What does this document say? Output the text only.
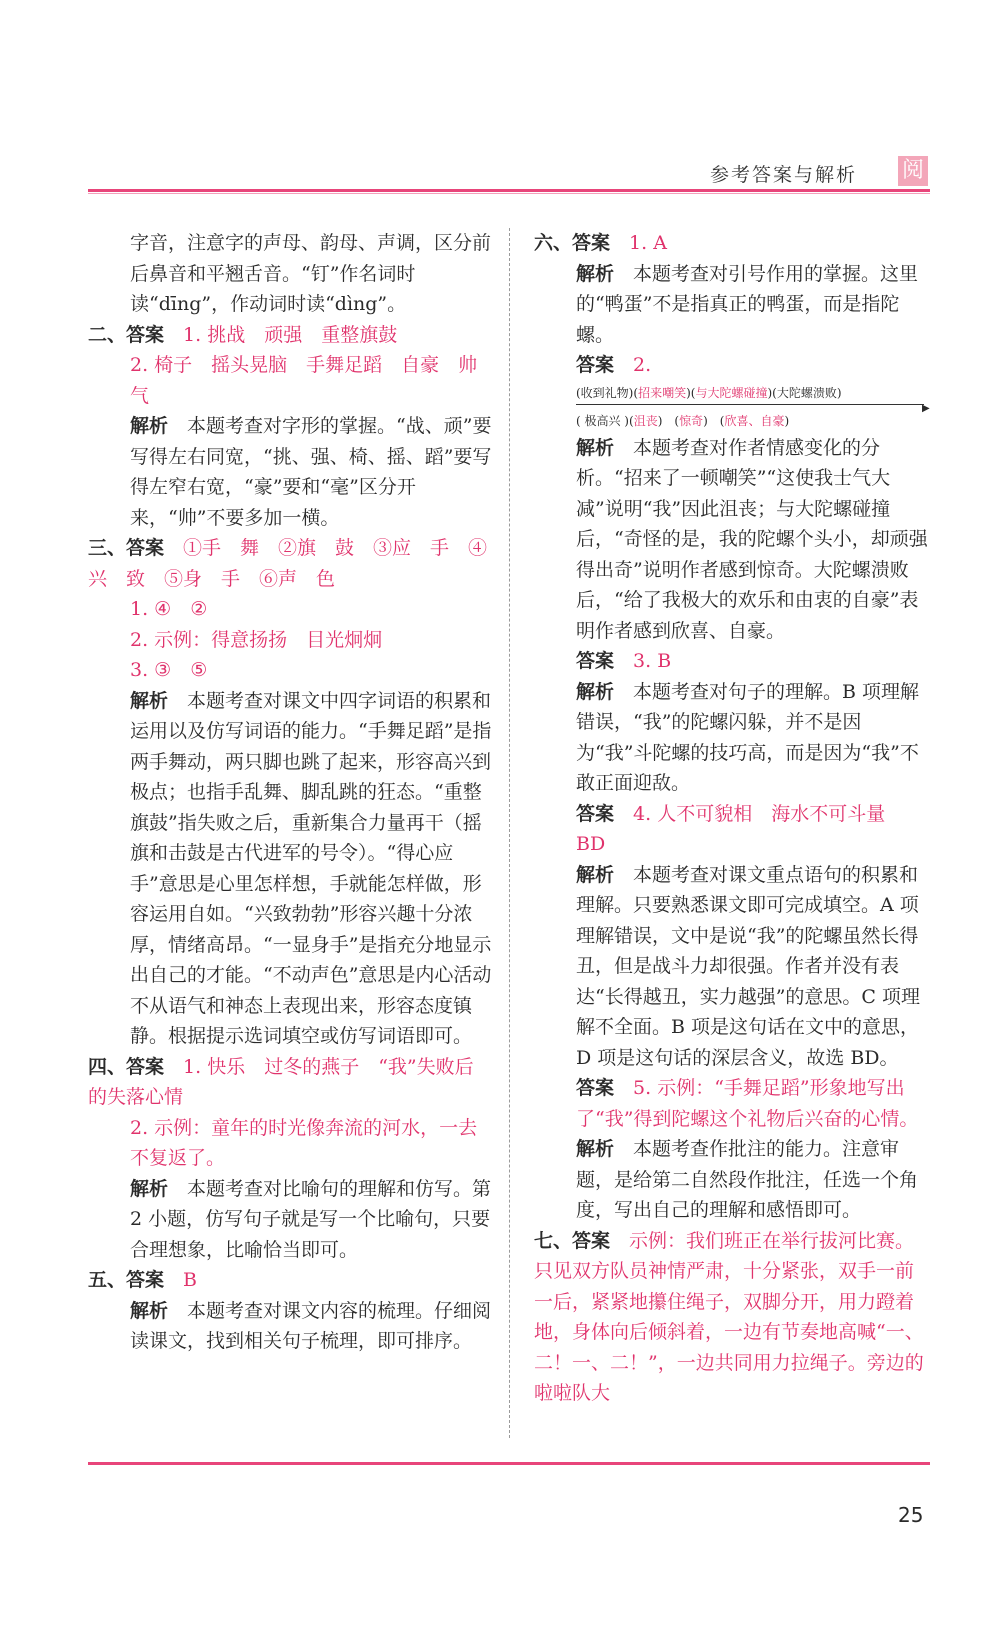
参考答案与解析 阅

字音，注意字的声母、韵母、声调，区分前后鼻音和平翘舌音。“钉”作名词时读“dīng”，作动词时读“dìng”。

二、答案　 1. 挑战　顽强　重整旗鼓

2. 椅子　摇头晃脑　手舞足蹈　自豪　帅气

解析　 本题考查对字形的掌握。“战、顽”要写得左右同宽，“挑、强、椅、摇、蹈”要写得左窄右宽，“豪”要和“毫”区分开来，“帅”不要多加一横。

三、答案　 ①手　舞　②旗　鼓　③应　手　④兴　致　⑤身　手　⑥声　色

1. ④　②

2. 示例：得意扬扬　目光炯炯

3. ③　⑤

解析　 本题考查对课文中四字词语的积累和运用以及仿写词语的能力。“手舞足蹈”是指两手舞动，两只脚也跳了起来，形容高兴到极点；也指手乱舞、脚乱跳的狂态。“重整旗鼓”指失败之后，重新集合力量再干（摇旗和击鼓是古代进军的号令）。“得心应手”意思是心里怎样想，手就能怎样做，形容运用自如。“兴致勃勃”形容兴趣十分浓厚，情绪高昂。“一显身手”是指充分地显示出自己的才能。“不动声色”意思是内心活动不从语气和神态上表现出来，形容态度镇静。根据提示选词填空或仿写词语即可。

四、答案　 1. 快乐　过冬的燕子　“我”失败后的失落心情

2. 示例：童年的时光像奔流的河水，一去不复返了。

解析　 本题考查对比喻句的理解和仿写。第 2 小题，仿写句子就是写一个比喻句，只要合理想象，比喻恰当即可。

五、答案　 B

解析　 本题考查对课文内容的梳理。仔细阅读课文，找到相关句子梳理，即可排序。

六、答案　 1. A

解析　 本题考查对引号作用的掌握。这里的“鸭蛋”不是指真正的鸭蛋，而是指陀螺。

答案　 2.

(收到礼物)(招来嘲笑)(与大陀螺碰撞)(大陀螺溃败)
▶
( 极高兴 )(沮丧)　(惊奇)　(欣喜、自豪)

解析　 本题考查对作者情感变化的分析。“招来了一顿嘲笑”“这使我士气大减”说明“我”因此沮丧；与大陀螺碰撞后，“奇怪的是，我的陀螺个头小，却顽强得出奇”说明作者感到惊奇。大陀螺溃败后，“给了我极大的欢乐和由衷的自豪”表明作者感到欣喜、自豪。

答案　 3. B

解析　 本题考查对句子的理解。B 项理解错误，“我”的陀螺闪躲，并不是因为“我”斗陀螺的技巧高，而是因为“我”不敢正面迎敌。

答案　 4. 人不可貌相　海水不可斗量　BD

解析　 本题考查对课文重点语句的积累和理解。只要熟悉课文即可完成填空。A 项理解错误，文中是说“我”的陀螺虽然长得丑，但是战斗力却很强。作者并没有表达“长得越丑，实力越强”的意思。C 项理解不全面。B 项是这句话在文中的意思，D 项是这句话的深层含义，故选 BD。

答案　 5. 示例：“手舞足蹈”形象地写出了“我”得到陀螺这个礼物后兴奋的心情。

解析　 本题考查作批注的能力。注意审题，是给第二自然段作批注，任选一个角度，写出自己的理解和感悟即可。

七、答案　 示例：我们班正在举行拔河比赛。只见双方队员神情严肃，十分紧张，双手一前一后，紧紧地攥住绳子，双脚分开，用力蹬着地，身体向后倾斜着，一边有节奏地高喊“一、二！一、二！”，一边共同用力拉绳子。旁边的啦啦队大

25
